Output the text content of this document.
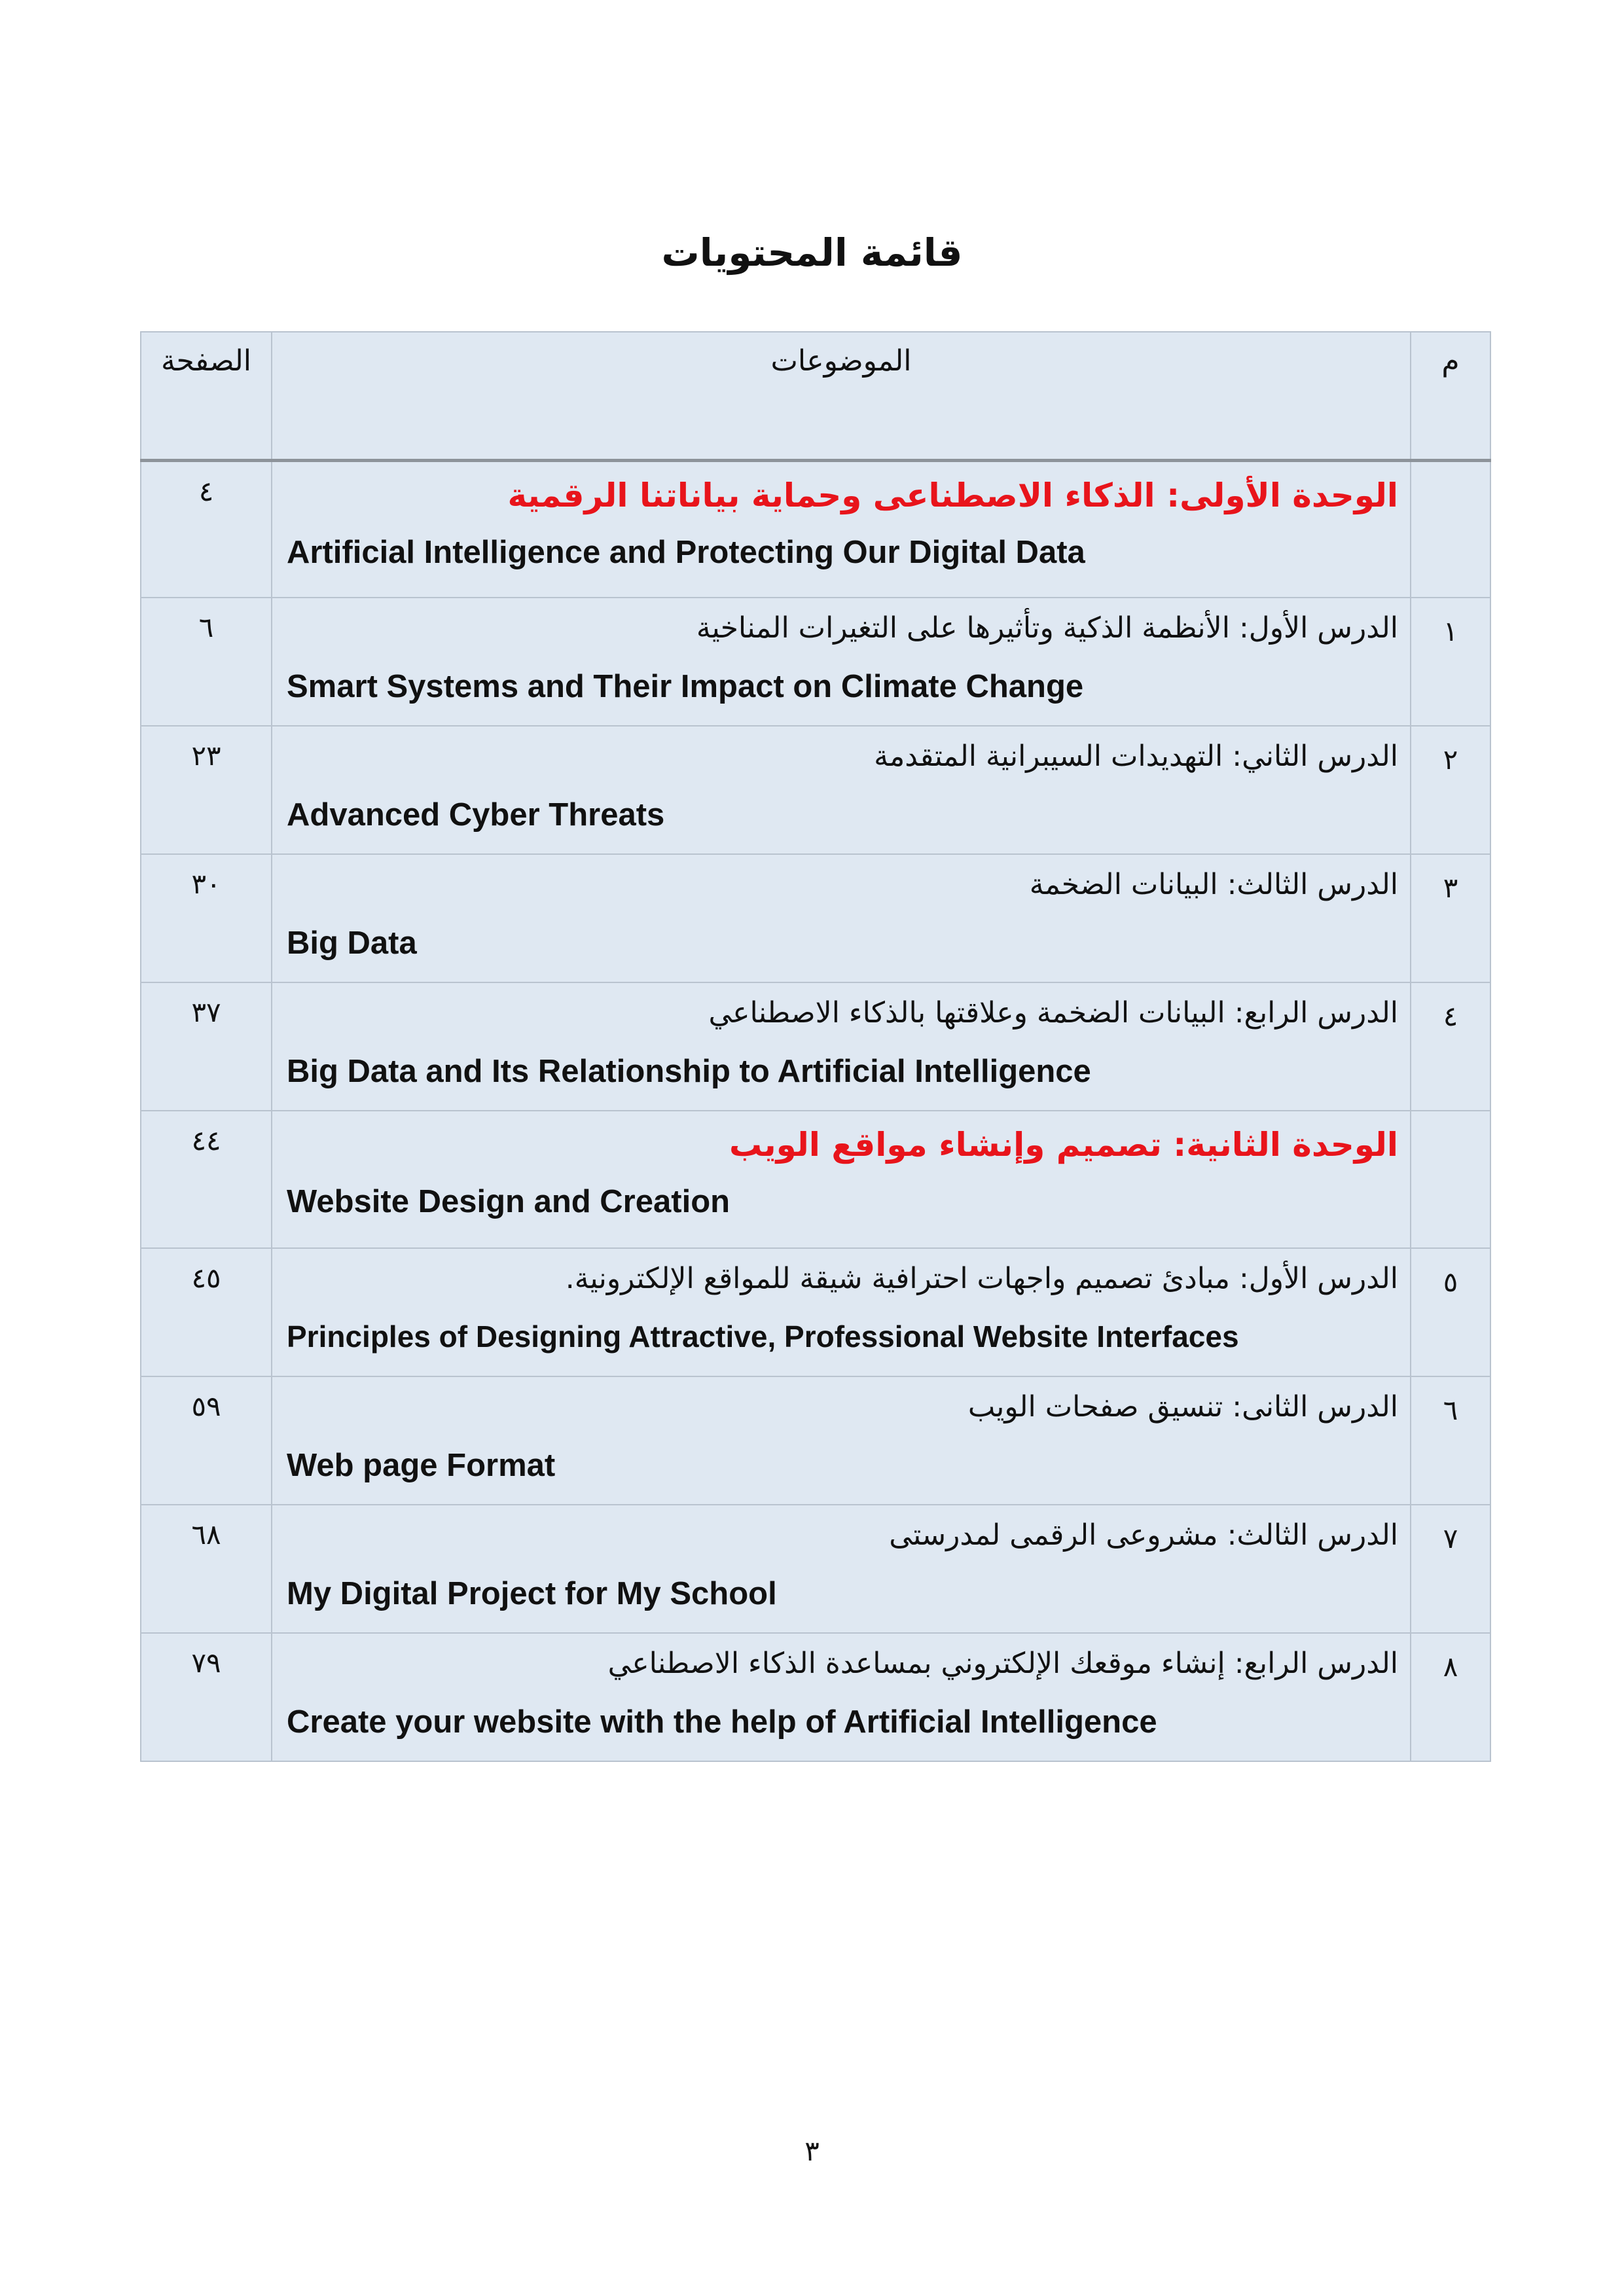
قائمة المحتويات
م	الموضوعات	الصفحة

	الوحدة الأولى: الذكاء الاصطناعى وحماية بياناتنا الرقمية
Artificial Intelligence and Protecting Our Digital Data	٤

١	الدرس الأول: الأنظمة الذكية وتأثيرها على التغيرات المناخية
Smart Systems and Their Impact on Climate Change	٦

٢	الدرس الثاني: التهديدات السيبرانية المتقدمة
Advanced Cyber Threats	٢٣

٣	الدرس الثالث: البيانات الضخمة
Big Data	٣٠

٤	الدرس الرابع: البيانات الضخمة وعلاقتها بالذكاء الاصطناعي
Big Data and Its Relationship to Artificial Intelligence	٣٧

	الوحدة الثانية: تصميم وإنشاء مواقع الويب
Website Design and Creation	٤٤

٥	الدرس الأول: مبادئ تصميم واجهات احترافية شيقة للمواقع الإلكترونية.
Principles of Designing Attractive, Professional Website Interfaces	٤٥

٦	الدرس الثانى: تنسيق صفحات الويب
Web page Format	٥٩

٧	الدرس الثالث: مشروعى الرقمى لمدرستى
My Digital Project for My School	٦٨

٨	الدرس الرابع: إنشاء موقعك الإلكتروني بمساعدة الذكاء الاصطناعي
Create your website with the help of Artificial Intelligence	٧٩
٣
